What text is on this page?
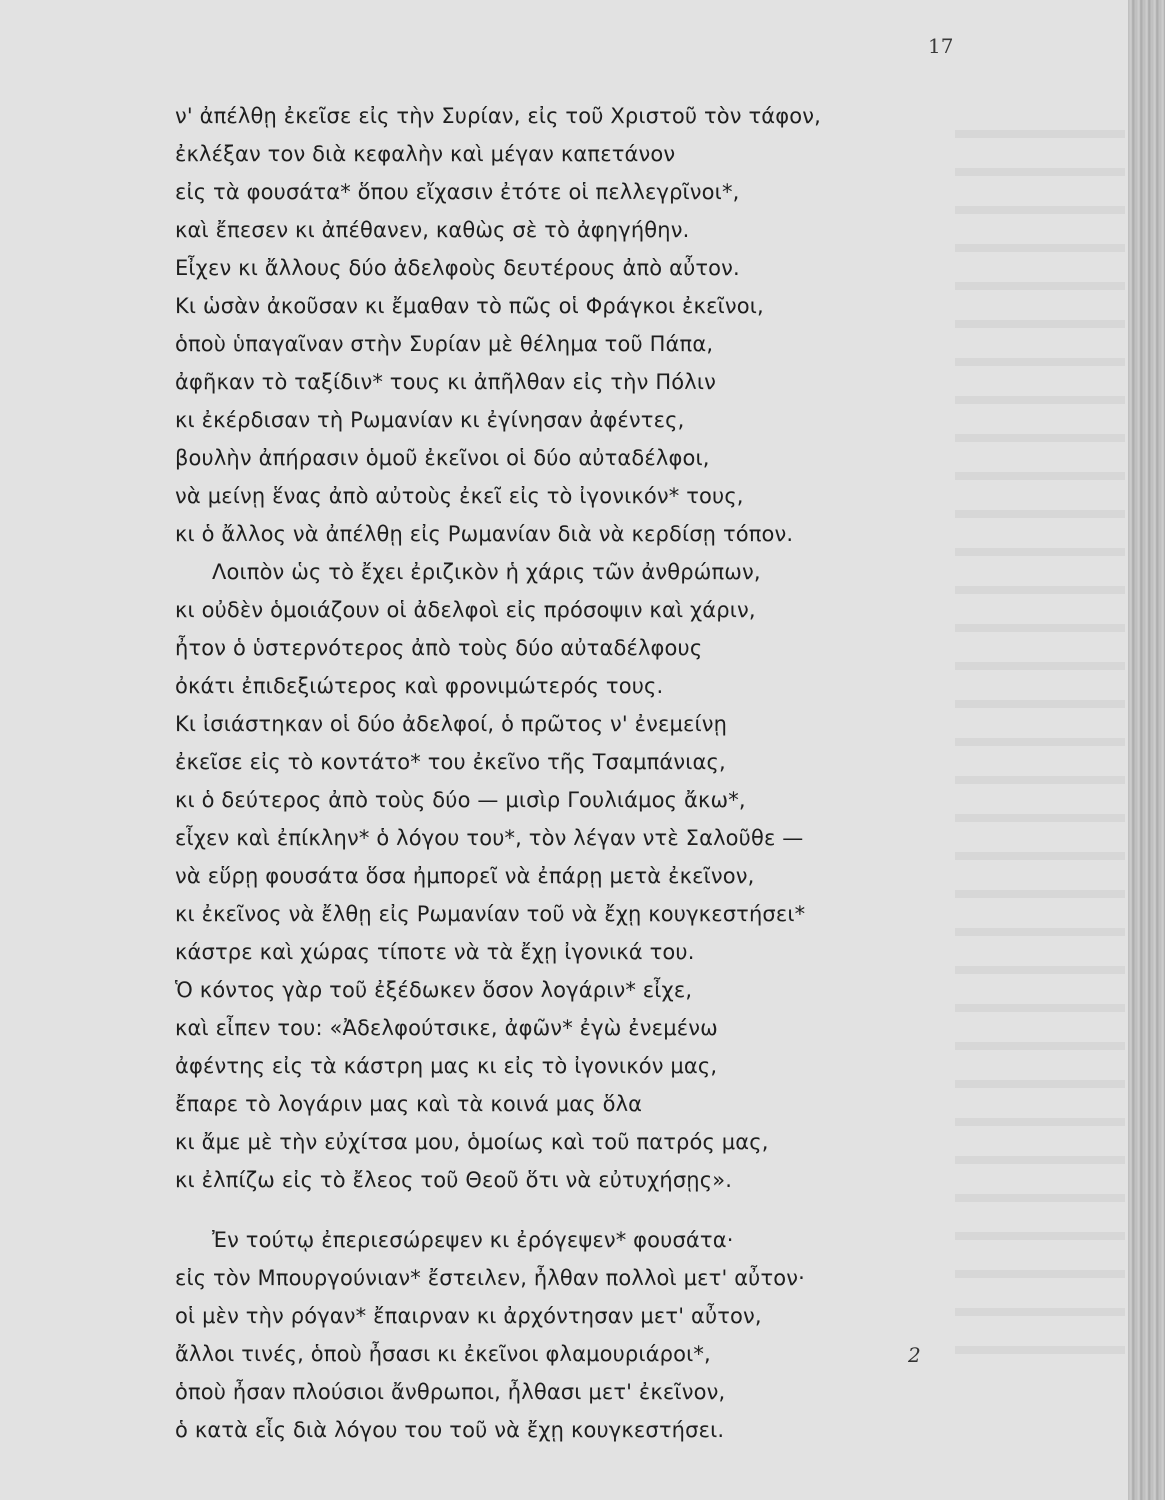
17
ν' ἀπέλθῃ ἐκεῖσε εἰς τὴν Συρίαν, εἰς τοῦ Χριστοῦ τὸν τάφον,
ἐκλέξαν τον διὰ κεφαλὴν καὶ μέγαν καπετάνον
εἰς τὰ φουσάτα* ὅπου εἴχασιν ἐτότε οἱ πελλεγρῖνοι*,
καὶ ἔπεσεν κι ἀπέθανεν, καθὼς σὲ τὸ ἀφηγήθην.
Εἶχεν κι ἄλλους δύο ἀδελφοὺς δευτέρους ἀπὸ αὖτον.
Κι ὡσὰν ἀκοῦσαν κι ἔμαθαν τὸ πῶς οἱ Φράγκοι ἐκεῖνοι,
ὁποὺ ὑπαγαῖναν στὴν Συρίαν μὲ θέλημα τοῦ Πάπα,
ἀφῆκαν τὸ ταξίδιν* τους κι ἀπῆλθαν εἰς τὴν Πόλιν
κι ἐκέρδισαν τὴ Ρωμανίαν κι ἐγίνησαν ἀφέντες,
βουλὴν ἀπήρασιν ὁμοῦ ἐκεῖνοι οἱ δύο αὐταδέλφοι,
νὰ μείνῃ ἕνας ἀπὸ αὐτοὺς ἐκεῖ εἰς τὸ ἰγονικόν* τους,
κι ὁ ἄλλος νὰ ἀπέλθῃ εἰς Ρωμανίαν διὰ νὰ κερδίσῃ τόπον.
Λοιπὸν ὡς τὸ ἔχει ἐριζικὸν ἡ χάρις τῶν ἀνθρώπων,
κι οὐδὲν ὁμοιάζουν οἱ ἀδελφοὶ εἰς πρόσοψιν καὶ χάριν,
ἦτον ὁ ὑστερνότερος ἀπὸ τοὺς δύο αὐταδέλφους
ὀκάτι ἐπιδεξιώτερος καὶ φρονιμώτερός τους.
Κι ἰσιάστηκαν οἱ δύο ἀδελφοί, ὁ πρῶτος ν' ἐνεμείνῃ
ἐκεῖσε εἰς τὸ κοντάτο* του ἐκεῖνο τῆς Τσαμπάνιας,
κι ὁ δεύτερος ἀπὸ τοὺς δύο — μισὶρ Γουλιάμος ἄκω*,
εἶχεν καὶ ἐπίκλην* ὁ λόγου του*, τὸν λέγαν ντὲ Σαλοῦθε —
νὰ εὕρῃ φουσάτα ὅσα ἠμπορεῖ νὰ ἐπάρῃ μετὰ ἐκεῖνον,
κι ἐκεῖνος νὰ ἔλθῃ εἰς Ρωμανίαν τοῦ νὰ ἔχῃ κουγκεστήσει*
κάστρε καὶ χώρας τίποτε νὰ τὰ ἔχῃ ἰγονικά του.
Ὁ κόντος γὰρ τοῦ ἐξέδωκεν ὅσον λογάριν* εἶχε,
καὶ εἶπεν του: «Ἀδελφούτσικε, ἀφῶν* ἐγὼ ἐνεμένω
ἀφέντης εἰς τὰ κάστρη μας κι εἰς τὸ ἰγονικόν μας,
ἔπαρε τὸ λογάριν μας καὶ τὰ κοινά μας ὅλα
κι ἄμε μὲ τὴν εὐχίτσα μου, ὁμοίως καὶ τοῦ πατρός μας,
κι ἐλπίζω εἰς τὸ ἔλεος τοῦ Θεοῦ ὅτι νὰ εὐτυχήσῃς».
Ἐν τούτῳ ἐπεριεσώρεψεν κι ἐρόγεψεν* φουσάτα·
εἰς τὸν Μπουργούνιαν* ἔστειλεν, ἦλθαν πολλοὶ μετ' αὖτον·
οἱ μὲν τὴν ρόγαν* ἔπαιρναν κι ἀρχόντησαν μετ' αὖτον,
ἄλλοι τινές, ὁποὺ ἦσασι κι ἐκεῖνοι φλαμουριάροι*,
ὁποὺ ἦσαν πλούσιοι ἄνθρωποι, ἦλθασι μετ' ἐκεῖνον,
ὁ κατὰ εἷς διὰ λόγου του τοῦ νὰ ἔχῃ κουγκεστήσει.
2
